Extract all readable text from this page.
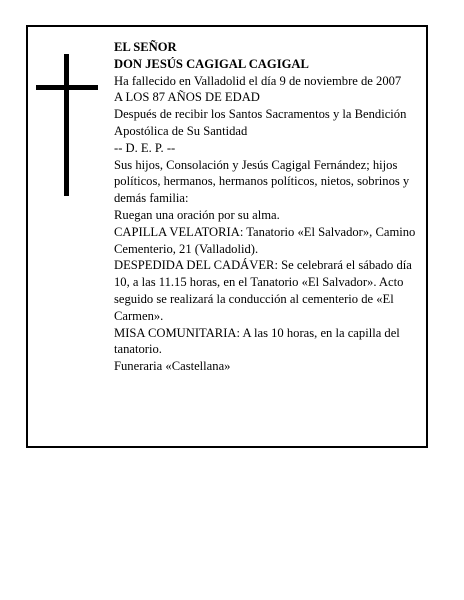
EL SEÑOR

DON JESÚS CAGIGAL CAGIGAL

Ha fallecido en Valladolid el día 9 de noviembre de 2007

A LOS 87 AÑOS DE EDAD

Después de recibir los Santos Sacramentos y la Bendición Apostólica de Su Santidad

-- D. E. P. --

Sus hijos, Consolación y Jesús Cagigal Fernández; hijos políticos, hermanos, hermanos políticos, nietos, sobrinos y demás familia:

Ruegan una oración por su alma.

CAPILLA VELATORIA: Tanatorio «El Salvador», Camino Cementerio, 21 (Valladolid).

DESPEDIDA DEL CADÁVER: Se celebrará el sábado día 10, a las 11.15 horas, en el Tanatorio «El Salvador». Acto seguido se realizará la conducción al cementerio de «El Carmen».

MISA COMUNITARIA: A las 10 horas, en la capilla del tanatorio.

Funeraria «Castellana»
